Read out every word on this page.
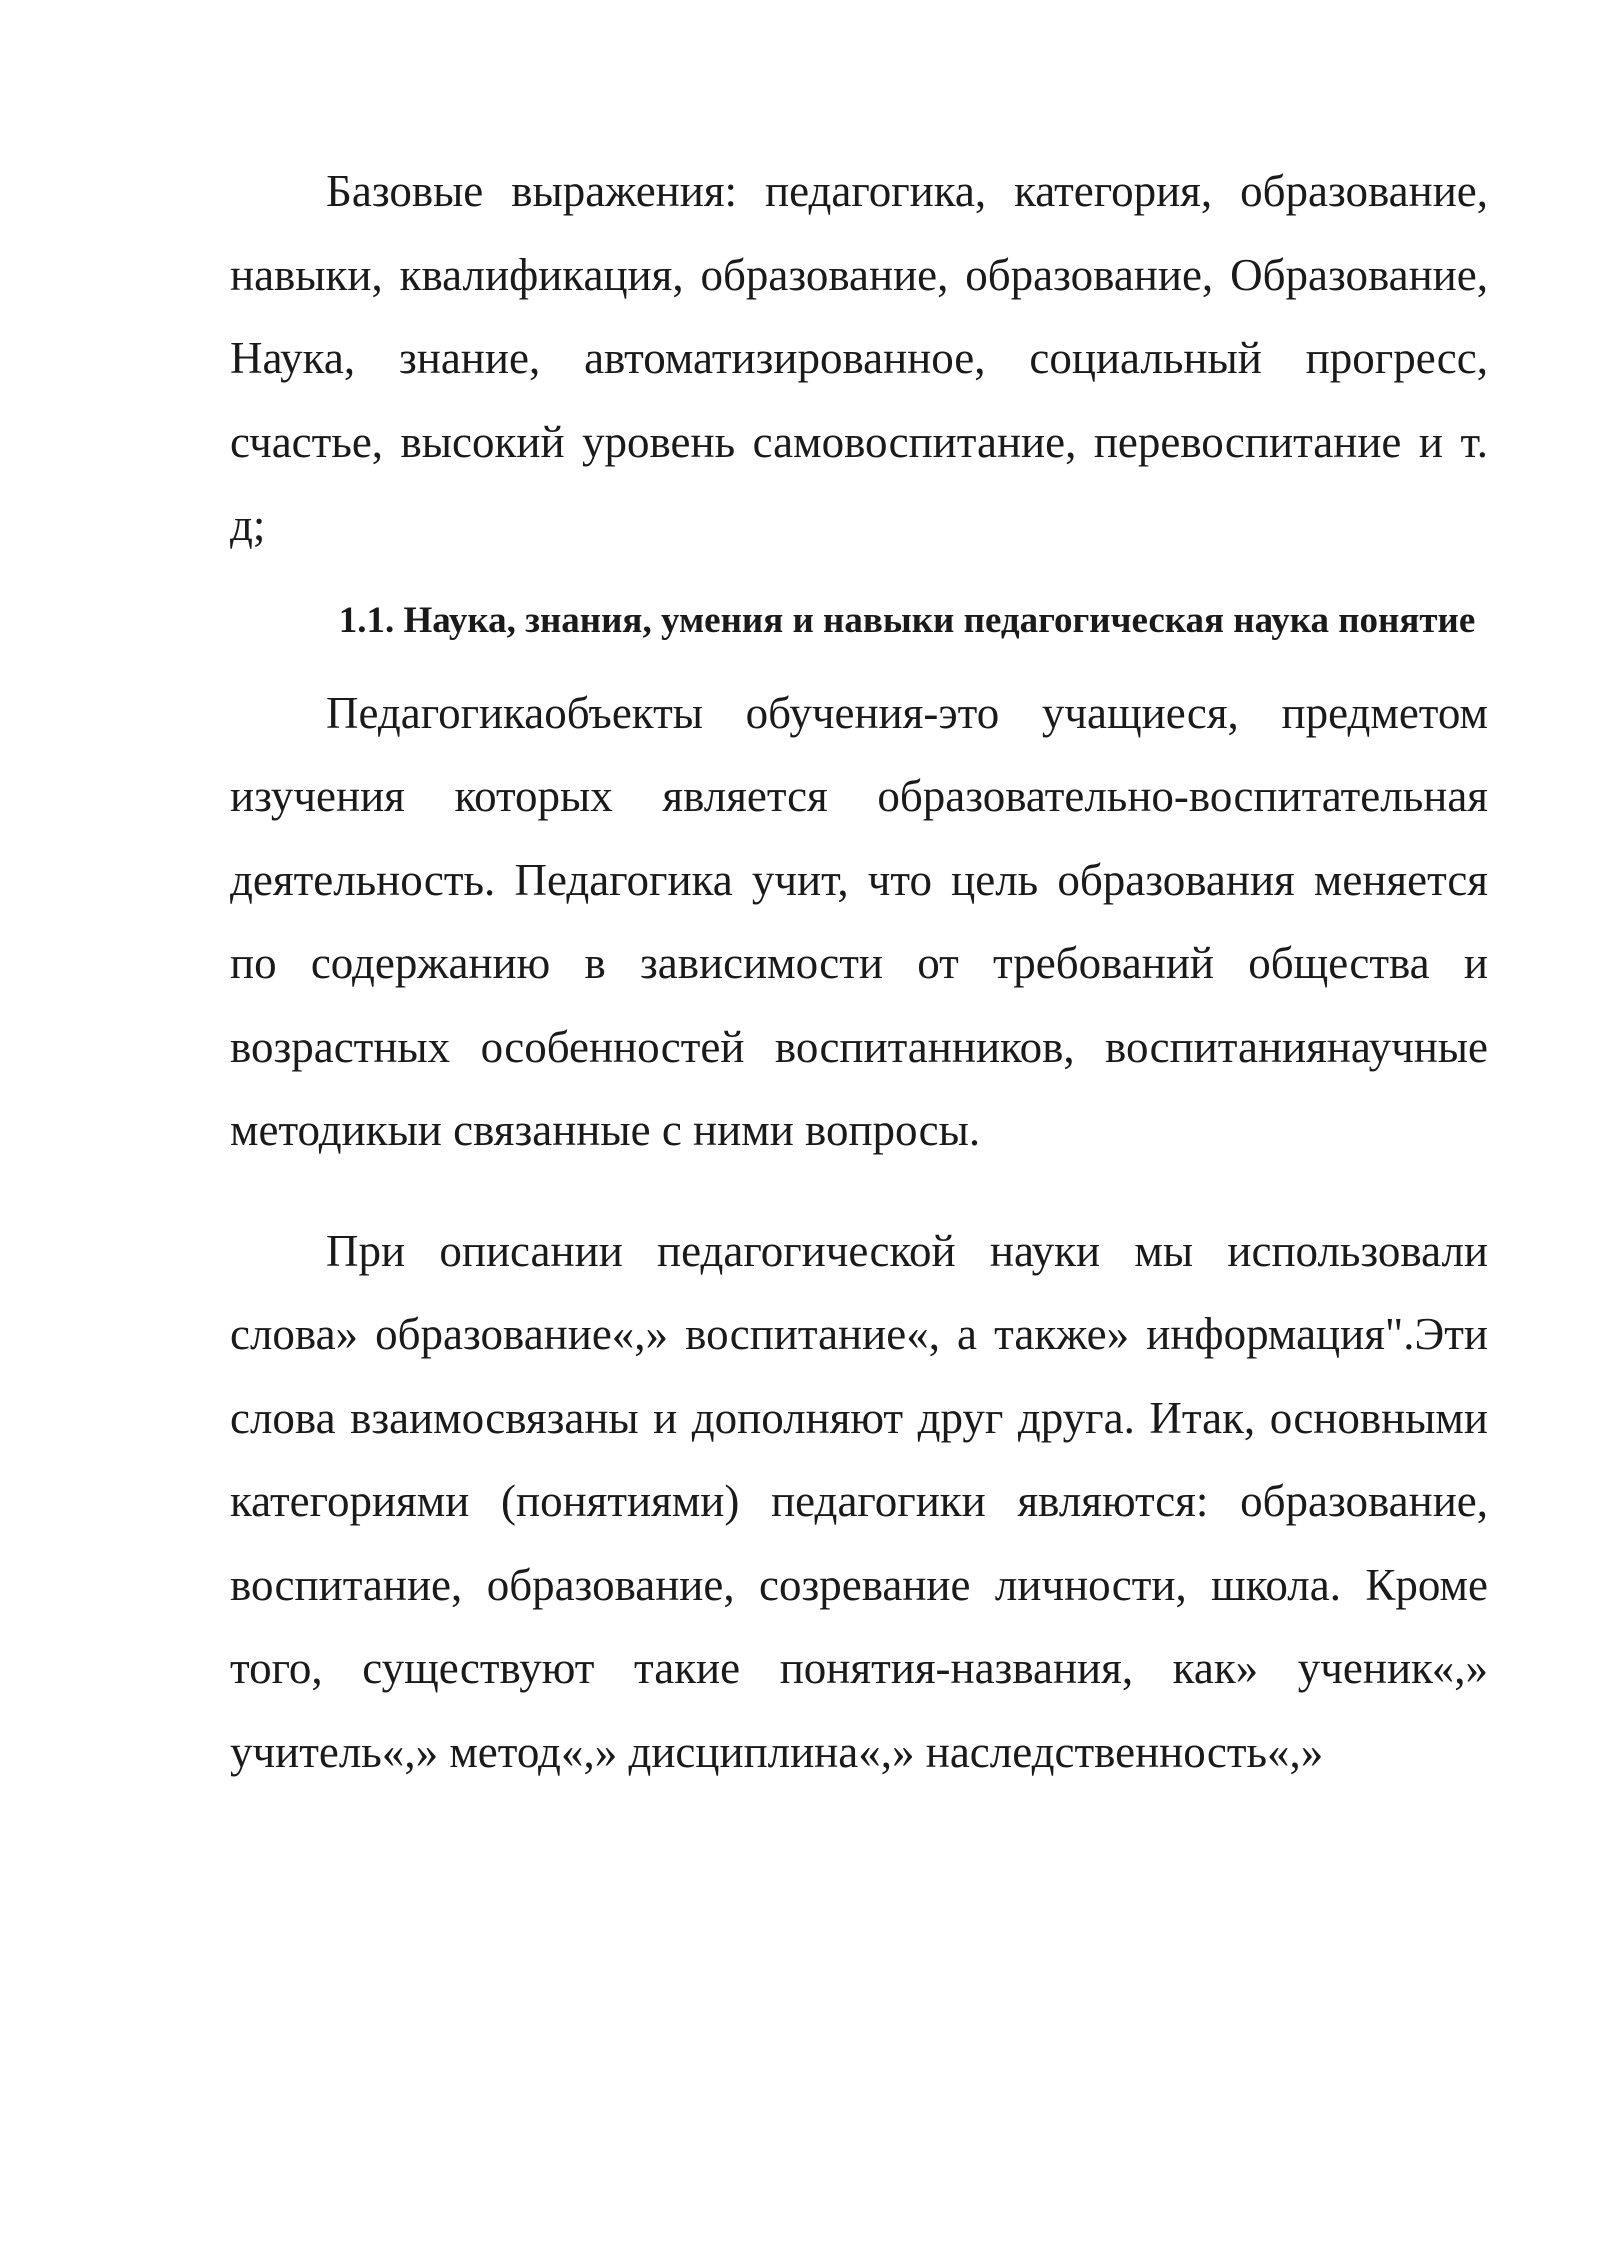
Базовые выражения: педагогика, категория, образование, навыки, квалификация, образование, образование, Образование, Наука, знание, автоматизированное, социальный прогресс, счастье, высокий уровень самовоспитание, перевоспитание и т. д;

1.1. Наука, знания, умения и навыки педагогическая наука понятие

Педагогикаобъекты обучения-это учащиеся, предметом изучения которых является образовательно-воспитательная деятельность. Педагогика учит, что цель образования меняется по содержанию в зависимости от требований общества и возрастных особенностей воспитанников, воспитаниянаучные методикыи связанные с ними вопросы.

При описании педагогической науки мы использовали слова» образование«,» воспитание«, а также» информация".Эти слова взаимосвязаны и дополняют друг друга. Итак, основными категориями (понятиями) педагогики являются: образование, воспитание, образование, созревание личности, школа. Кроме того, существуют такие понятия-названия, как» ученик«,» учитель«,» метод«,» дисциплина«,» наследственность«,»
